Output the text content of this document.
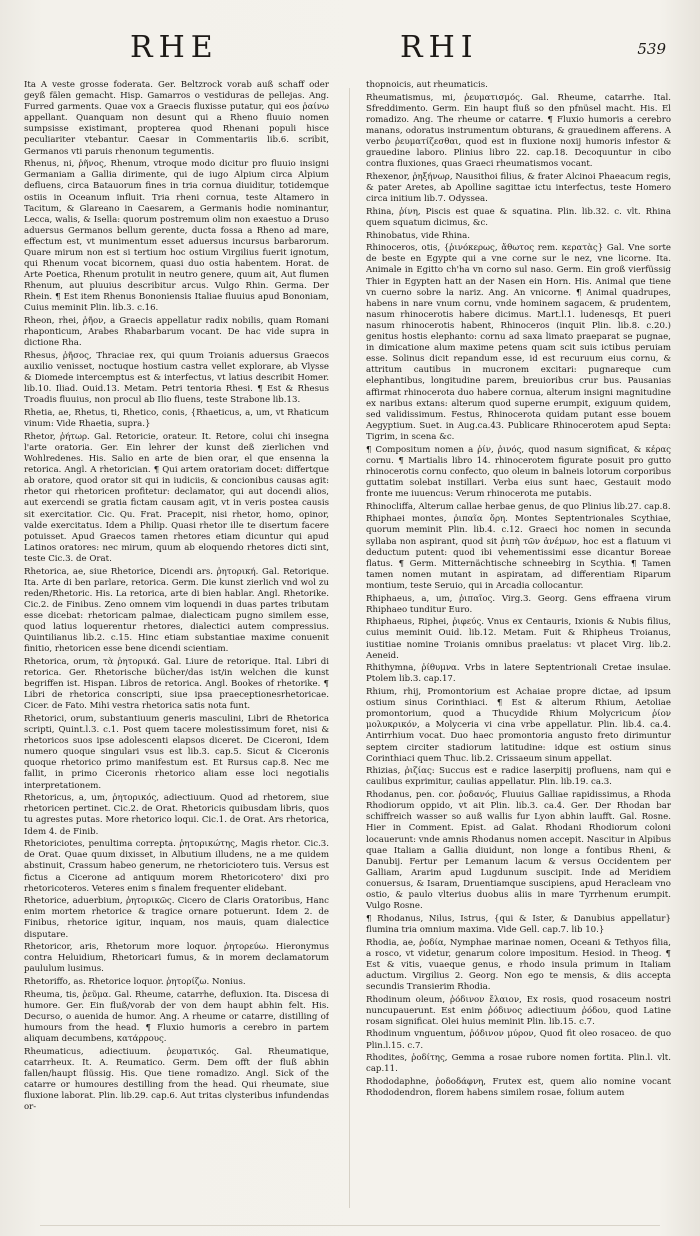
RHE	RHI	539

Ita A veste grosse foderata. Ger. Beltzrock vorab auß schaff oder geyß fälen gemacht. Hisp. Gamarros o vestiduras de pellejas. Ang. Furred garments. Quae vox a Graecis fluxisse putatur, qui eos ῥαίνω appellant. Quanquam non desunt qui a Rheno fluuio nomen sumpsisse existimant, propterea quod Rhenani populi hisce peculiariter vtebantur. Caesar in Commentariis lib.6. scribit, Germanos vti paruis rhenonum tegumentis.

Rhenus, ni, ῥῆνος, Rhenum, vtroque modo dicitur pro fluuio insigni Germaniam a Gallia dirimente, qui de iugo Alpium circa Alpium defluens, circa Batauorum fines in tria cornua diuiditur, totidemque ostiis in Oceanum influit. Tria rheni cornua, teste Altamero in Tacitum, & Glareano in Caesarem, a Germanis hodie nominantur, Lecca, walis, & Isella: quorum postremum olim non exaestuo a Druso aduersus Germanos bellum gerente, ducta fossa a Rheno ad mare, effectum est, vt munimentum esset aduersus incursus barbarorum. Quare mirum non est si tertium hoc ostium Virgilius fuerit ignotum, qui Rhenum vocat bicornem, quasi duo ostia habentem. Horat. de Arte Poetica, Rhenum protulit in neutro genere, quum ait, Aut flumen Rhenum, aut pluuius describitur arcus. Vulgo Rhin. Germa. Der Rhein. ¶ Est item Rhenus Bononiensis Italiae fluuius apud Bononiam, Cuius meminit Plin. lib.3. c.16.

Rheon, rhei, ῥῆον, a Graecis appellatur radix nobilis, quam Romani rhaponticum, Arabes Rhabarbarum vocant. De hac vide supra in dictione Rha.

Rhesus, ῥῆσος, Thraciae rex, qui quum Troianis aduersus Graecos auxilio venisset, noctuque hostium castra vellet explorare, ab Vlysse & Diomede intercemptus est & interfectus, vt latius describit Homer. lib.10. Iliad. Ouid.13. Metam. Petri tentoria Rhesi. ¶ Est & Rhesus Troadis fluuius, non procul ab Ilio fluens, teste Strabone lib.13.

Rhetia, ae, Rhetus, ti, Rhetico, conis, {Rhaeticus, a, um, vt Rhaticum vinum: Vide Rhaetia, supra.}

Rhetor, ῥήτωρ. Gal. Retoricie, orateur. It. Retore, colui chi insegna l'arte oratoria. Ger. Ein lehrer der kunst deß zierlichen vnd Wohlredenes. His. Salio en arte de bien orar, el que ensenna la retorica. Angl. A rhetorician. ¶ Qui artem oratoriam docet: differtque ab oratore, quod orator sit qui in iudiciis, & concionibus causas agit: rhetor qui rhetoricen profitetur: declamator, qui aut docendi alios, aut exercendi se gratia fictam causam agit, vt in veris postea causis sit exercitatior. Cic. Qu. Frat. Pracepit, nisi rhetor, homo, opinor, valde exercitatus. Idem a Philip. Quasi rhetor ille te disertum facere potuisset. Apud Graecos tamen rhetores etiam dicuntur qui apud Latinos oratores: nec mirum, quum ab eloquendo rhetores dicti sint, teste Cic.3. de Orat.

Rhetorica, ae, siue Rhetorice, Dicendi ars. ῥητορική. Gal. Retorique. Ita. Arte di ben parlare, retorica. Germ. Die kunst zierlich vnd wol zu reden/Rhetoric. His. La retorica, arte di bien hablar. Angl. Rhetorike. Cic.2. de Finibus. Zeno omnem vim loquendi in duas partes tributam esse dicebat: rhetoricam palmae, dialecticam pugno similem esse, quod latius loquerentur rhetores, dialectici autem compressius. Quintilianus lib.2. c.15. Hinc etiam substantiae maxime conuenit finitio, rhetoricen esse bene dicendi scientiam.

Rhetorica, orum, τὰ ῥητορικά. Gal. Liure de retorique. Ital. Libri di retorica. Ger. Rhetorische bücher/das ist/in welchen die kunst begriffen ist. Hispan. Libros de retorica. Angl. Bookes of rhetorike. ¶ Libri de rhetorica conscripti, siue ipsa praeceptionesrhetoricae. Cicer. de Fato. Mihi vestra rhetorica satis nota funt.

Rhetorici, orum, substantiuum generis masculini, Libri de Rhetorica scripti, Quint.l.3. c.1. Post quem tacere molestissimum foret, nisi & rhetoricos suos ipse adolescenti elapsos diceret. De Ciceroni, Idem numero quoque singulari vsus est lib.3. cap.5. Sicut & Ciceronis quoque rhetorico primo manifestum est. Et Rursus cap.8. Nec me fallit, in primo Ciceronis rhetorico aliam esse loci negotialis interpretationem.

Rhetoricus, a, um, ῥητορικός, adiectiuum. Quod ad rhetorem, siue rhetoricen pertinet. Cic.2. de Orat. Rhetoricis quibusdam libris, quos tu agrestes putas. More rhetorico loqui. Cic.1. de Orat. Ars rhetorica, Idem 4. de Finib.

Rhetoriciotes, penultima correpta. ῥητορικώτης, Magis rhetor. Cic.3. de Orat. Quae quum dixisset, in Albutium illudens, ne a me quidem abstinuit, Crassum habeo generum, ne rhetoriciotero tuis. Versus est fictus a Cicerone ad antiquum morem Rhetoricotero' dixi pro rhetoricoteros. Veteres enim s finalem frequenter elidebant.

Rhetorice, aduerbium, ῥητορικῶς. Cicero de Claris Oratoribus, Hanc enim mortem rhetorice & tragice ornare potuerunt. Idem 2. de Finibus, rhetorice igitur, inquam, nos mauis, quam dialectice disputare.

Rhetoricor, aris, Rhetorum more loquor. ῥητορεύω. Hieronymus contra Heluidium, Rhetoricari fumus, & in morem declamatorum paululum lusimus.

Rhetoriffo, as. Rhetorice loquor. ῥητορίζω. Nonius.

Rheuma, tis, ῥεῦμα. Gal. Rheume, catarrhe, defluxion. Ita. Discesa di humore. Ger. Ein fluß/vorab der von dem haupt abhin felt. His. Decurso, o auenida de humor. Ang. A rheume or catarre, distilling of humours from the head. ¶ Fluxio humoris a cerebro in partem aliquam decumbens, κατάρρους.

Rheumaticus, adiectiuum. ῥευματικός. Gal. Rheumatique, catarrheux. It. A. Reumatico. Germ. Dem offt der fluß abhin fallen/haupt flüssig. His. Que tiene romadizo. Angl. Sick of the catarre or humoures destilling from the head. Qui rheumate, siue fluxione laborat. Plin. lib.29. cap.6. Aut tritas clysteribus infundendas or-

thopnoicis, aut rheumaticis.

Rheumatismus, mi, ῥευματισμός. Gal. Rheume, catarrhe. Ital. Sfreddimento. Germ. Ein haupt fluß so den pfnüsel macht. His. El romadizo. Ang. The rheume or catarre. ¶ Fluxio humoris a cerebro manans, odoratus instrumentum obturans, & grauedinem afferens. A verbo ῥευματίζεσθαι, quod est in fluxione noxij humoris infestor & grauedine laboro. Plinius libro 22. cap.18. Decoquuntur in cibo contra fluxiones, quas Graeci rheumatismos vocant.

Rhexenor, ῥηξήνωρ, Nausithoi filius, & frater Alcinoi Phaeacum regis, & pater Aretes, ab Apolline sagittae ictu interfectus, teste Homero circa initium lib.7. Odyssea.

Rhina, ῥίνη, Piscis est quae & squatina. Plin. lib.32. c. vlt. Rhina quem squatum dicimus, &c.

Rhinobatus, vide Rhina.

Rhinoceros, otis, {ῥινόκερως, ἄθωτος rem. κερατὰς} Gal. Vne sorte de beste en Egypte qui a vne corne sur le nez, vne licorne. Ita. Animale in Egitto ch'ha vn corno sul naso. Germ. Ein groß vierfüssig Thier in Egypten hatt an der Nasen ein Horn. His. Animal que tiene vn cuerno sobre la nariz. Ang. An vnicorne. ¶ Animal quadrupes, habens in nare vnum cornu, vnde hominem sagacem, & prudentem, nasum rhinocerotis habere dicimus. Mart.l.1. ludenesqs, Et pueri nasum rhinocerotis habent, Rhinoceros (inquit Plin. lib.8. c.20.) genitus hostis elephanto: cornu ad saxa limato praeparat se pugnae, in dimicatione alum maxime petens quam scit suis ictibus peruiam esse. Solinus dicit repandum esse, id est recuruum eius cornu, & attritum cautibus in mucronem excitari: pugnareque cum elephantibus, longitudine parem, breuioribus crur bus. Pausanias affirmat rhinocerota duo habere cornua, alterum insigni magnitudine ex naribus extans: alterum quod superne erumpit, exiguum quidem, sed validissimum. Festus, Rhinocerota quidam putant esse bouem Aegyptium. Suet. in Aug.ca.43. Publicare Rhinocerotem apud Septa: Tigrim, in scena &c.

¶ Compositum nomen a ῥίν, ῥινός, quod nasum significat, & κέρας cornu. ¶ Martialis libro 14. rhinocerotem figurate posuit pro gutto rhinocerotis cornu confecto, quo oleum in balneis lotorum corporibus guttatim solebat instillari. Verba eius sunt haec, Gestauit modo fronte me iuuencus: Verum rhinocerota me putabis.

Rhinocliffa, Alterum callae herbae genus, de quo Plinius lib.27. cap.8.

Rhiphaei montes, ῥιπαῖα ὄρη. Montes Septentrionales Scythiae, quorum meminit Plin. lib.4. c.12. Graeci hoc nomen in secunda syllaba non aspirant, quod sit ῥιπὴ τῶν ἀνέμων, hoc est a flatuum vi deductum putent: quod ibi vehementissimi esse dicantur Boreae flatus. ¶ Germ. Mitternächtische schneebirg in Scythia. ¶ Tamen tamen nomen mutant in aspiratam, ad differentiam Riparum montium, teste Seruio, qui in Arcadia collocantur.

Rhiphaeus, a, um, ῥιπαῖος. Virg.3. Georg. Gens effraena virum Rhiphaeo tunditur Euro.

Rhiphaeus, Riphei, ῥιφεύς. Vnus ex Centauris, Ixionis & Nubis filius, cuius meminit Ouid. lib.12. Metam. Fuit & Rhipheus Troianus, iustitiae nomine Troianis omnibus praelatus: vt placet Virg. lib.2. Aeneid.

Rhithymna, ῥίθυμνα. Vrbs in latere Septentrionali Cretae insulae. Ptolem lib.3. cap.17.

Rhium, rhij, Promontorium est Achaiae propre dictae, ad ipsum ostium sinus Corinthiaci. ¶ Est & alterum Rhium, Aetoliae promontorium, quod a Thucydide Rhium Molycricum ῥίον μολυκρικόν, a Molyceria vi cina vrbe appellatur. Plin. lib.4. ca.4. Antirrhium vocat. Duo haec promontoria angusto freto dirimuntur septem circiter stadiorum latitudine: idque est ostium sinus Corinthiaci quem Thuc. lib.2. Crissaeum sinum appellat.

Rhizias, ῥιζίας: Succus est e radice laserpitij profluens, nam qui e caulibus exprimitur, caulias appellatur. Plin. lib.19. ca.3.

Rhodanus, pen. cor. ῥοδανός, Fluuius Galliae rapidissimus, a Rhoda Rhodiorum oppido, vt ait Plin. lib.3. ca.4. Ger. Der Rhodan bar schiffreich wasser so auß wallis fur Lyon abhin laufft. Gal. Rosne. Hier in Comment. Epist. ad Galat. Rhodani Rhodiorum coloni locauerunt: vnde amnis Rhodanus nomen accepit. Nascitur in Alpibus quae Italiam a Gallia diuidunt, non longe a fontibus Rheni, & Danubij. Fertur per Lemanum lacum & versus Occidentem per Galliam, Ararim apud Lugdunum suscipit. Inde ad Meridiem conuersus, & Isaram, Druentiamque suscipiens, apud Heracleam vno ostio, & paulo vlterius duobus aliis in mare Tyrrhenum erumpit. Vulgo Rosne.

¶ Rhodanus, Nilus, Istrus, {qui & Ister, & Danubius appellatur} flumina tria omnium maxima. Vide Gell. cap.7. lib 10.}

Rhodia, ae, ῥοδία, Nymphae marinae nomen, Oceani & Tethyos filia, a rosco, vt videtur, genarum colore impositum. Hesiod. in Theog. ¶ Est & vitis, vuaeque genus, e rhodo insula primum in Italiam aductum. Virgilius 2. Georg. Non ego te mensis, & diis accepta secundis Transierim Rhodia.

Rhodinum oleum, ῥόδινον ἔλαιον, Ex rosis, quod rosaceum nostri nuncupauerunt. Est enim ῥόδινος adiectiuum ῥόδου, quod Latine rosam significat. Olei huius meminit Plin. lib.15. c.7.

Rhodinum vnguentum, ῥόδινον μύρον, Quod fit oleo rosaceo. de quo Plin.l.15. c.7.

Rhodites, ῥοδίτης, Gemma a rosae rubore nomen fortita. Plin.l. vlt. cap.11.

Rhododaphne, ῥοδοδάφνη, Frutex est, quem alio nomine vocant Rhododendron, florem habens similem rosae, folium autem
